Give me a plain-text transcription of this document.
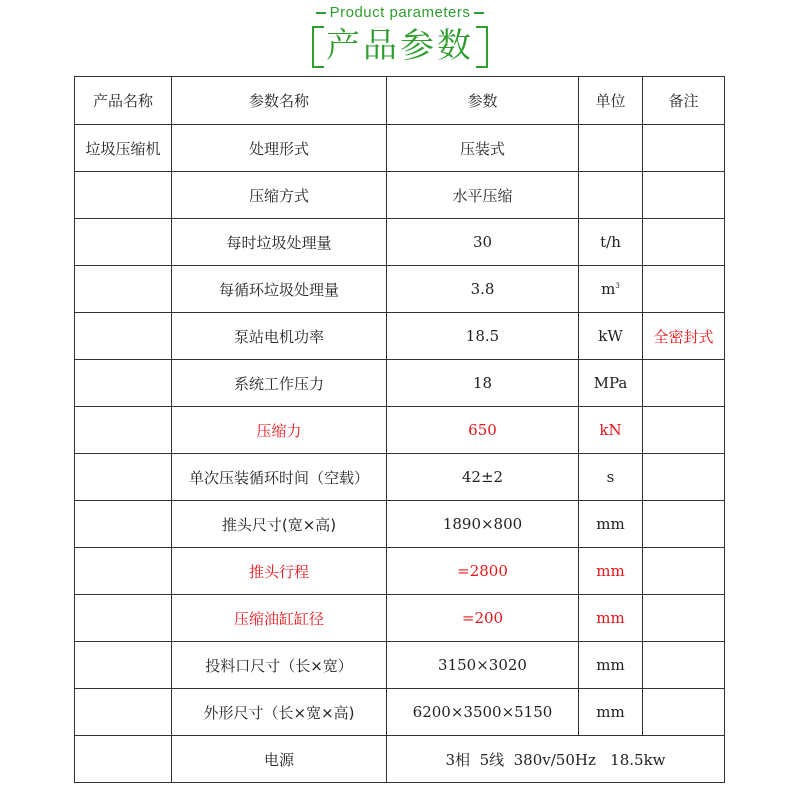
Product parameters
产品参数
产品名称	参数名称	参数	单位	备注
垃圾压缩机	处理形式	压装式		
	压缩方式	水平压缩		
	每时垃圾处理量	30	t/h	
	每循环垃圾处理量	3.8	$m^3$	
	泵站电机功率	18.5	kW	全密封式
	系统工作压力	18	MPa	
	压缩力	650	kN	
	单次压装循环时间（空载）	42±2	s	
	推头尺寸(宽×高)	1890×800	mm	
	推头行程	=2800	mm	
	压缩油缸缸径	=200	mm	
	投料口尺寸（长×宽）	3150×3020	mm	
	外形尺寸（长×宽×高)	6200×3500×5150	mm	
	电源	3相  5线  380v/50Hz   18.5kw		
